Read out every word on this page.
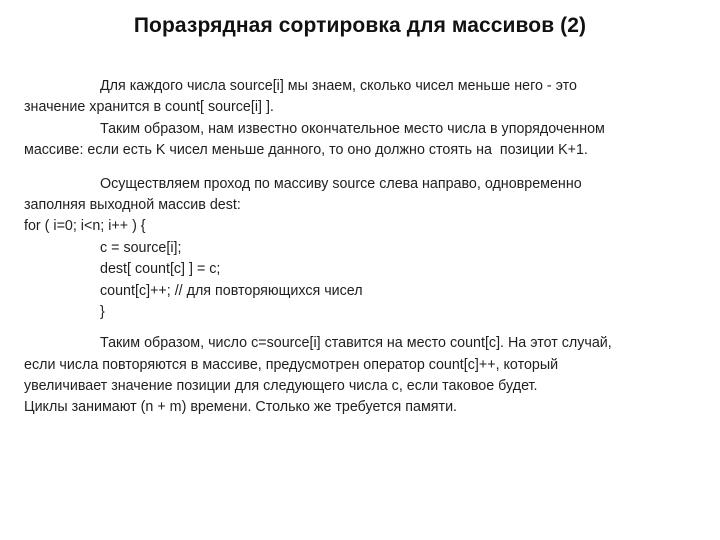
Поразрядная сортировка для массивов (2)
Для каждого числа source[i] мы знаем, сколько чисел меньше него - это
значение хранится в count[ source[i] ].
Таким образом, нам известно окончательное место числа в упорядоченном
массиве: если есть K чисел меньше данного, то оно должно стоять на  позиции K+1.
Осуществляем проход по массиву source слева направо, одновременно
заполняя выходной массив dest:
for ( i=0; i<n; i++ ) {
c = source[i];
dest[ count[c] ] = c;
count[c]++; // для повторяющихся чисел
}
Таким образом, число c=source[i] ставится на место count[c]. На этот случай,
если числа повторяются в массиве, предусмотрен оператор count[c]++, который
увеличивает значение позиции для следующего числа с, если таковое будет.
Циклы занимают (n + m) времени. Столько же требуется памяти.
